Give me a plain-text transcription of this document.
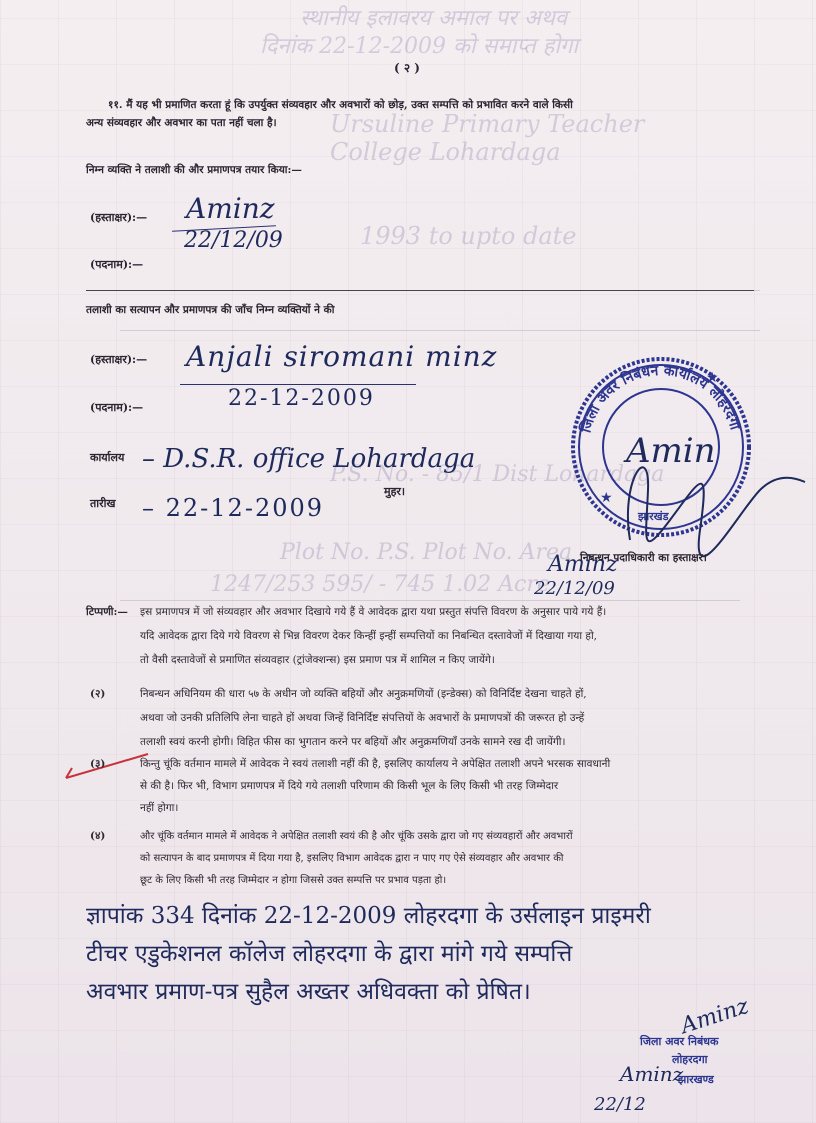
स्थानीय इलावरय अमाल पर अथव
दिनांक 22-12-2009 को समाप्त होगा
Ursuline Primary Teacher
College Lohardaga
1993 to upto date
P.S. No. - 85/1 Dist Lohardaga
Plot No. P.S. Plot No. Area
1247/253 595/ - 745 1.02 Acre
( २ )
११. मैं यह भी प्रमाणित करता हूं कि उपर्युक्त संव्यवहार और अवभारों को छोड़, उक्त सम्पत्ति को प्रभावित करने वाले किसी
अन्य संव्यवहार और अवभार का पता नहीं चला है।
निम्न व्यक्ति ने तलाशी की और प्रमाणपत्र तयार किया:—
(हस्ताक्षर):— Aminz
22/12/09
(पदनाम):—
तलाशी का सत्यापन और प्रमाणपत्र की जाँच निम्न व्यक्तियों ने की
(हस्ताक्षर):— Anjali siromani minz
22-12-2009
(पदनाम):—
कार्यालय – D.S.R. office Lohardaga
तारीख – 22-12-2009
मुहर।
जिला अवर निबंधन कार्यालय लोहरदगा
झारखंड
Amin
★
★
निबन्धन पदाधिकारी का हस्ताक्षर।
Aminz
22/12/09
टिप्पणी:— इस प्रमाणपत्र में जो संव्यवहार और अवभार दिखाये गये हैं वे आवेदक द्वारा यथा प्रस्तुत संपत्ति विवरण के अनुसार पाये गये हैं।
यदि आवेदक द्वारा दिये गये विवरण से भिन्न विवरण देकर किन्हीं इन्हीं सम्पत्तियों का निबन्धित दस्तावेजों में दिखाया गया हो,
तो वैसी दस्तावेजों से प्रमाणित संव्यवहार (ट्रांजेक्शन्स) इस प्रमाण पत्र में शामिल न किए जायेंगे।
(२)	निबन्धन अधिनियम की धारा ५७ के अधीन जो व्यक्ति बहियों और अनुक्रमणियों (इन्डेक्स) को विनिर्दिष्ट देखना चाहते हों,
अथवा जो उनकी प्रतिलिपि लेना चाहते हों अथवा जिन्हें विनिर्दिष्ट संपत्तियों के अवभारों के प्रमाणपत्रों की जरूरत हो उन्हें
तलाशी स्वयं करनी होगी। विहित फीस का भुगतान करने पर बहियों और अनुक्रमणियाँ उनके सामने रख दी जायेंगी।
(३)	किन्तु चूंकि वर्तमान मामले में आवेदक ने स्वयं तलाशी नहीं की है, इसलिए कार्यालय ने अपेक्षित तलाशी अपने भरसक सावधानी
से की है। फिर भी, विभाग प्रमाणपत्र में दिये गये तलाशी परिणाम की किसी भूल के लिए किसी भी तरह जिम्मेदार
नहीं होगा।
(४)	और चूंकि वर्तमान मामले में आवेदक ने अपेक्षित तलाशी स्वयं की है और चूंकि उसके द्वारा जो गए संव्यवहारों और अवभारों
को सत्यापन के बाद प्रमाणपत्र में दिया गया है, इसलिए विभाग आवेदक द्वारा न पाए गए ऐसे संव्यवहार और अवभार की
छूट के लिए किसी भी तरह जिम्मेदार न होगा जिससे उक्त सम्पत्ति पर प्रभाव पड़ता हो।
ज्ञापांक 334 दिनांक 22-12-2009 लोहरदगा के उर्सलाइन प्राइमरी
टीचर एडुकेशनल कॉलेज लोहरदगा के द्वारा मांगे गये सम्पत्ति
अवभार प्रमाण-पत्र सुहैल अख्तर अधिवक्ता को प्रेषित।
Aminz
जिला अवर निबंधक
लोहरदगा
झारखण्ड
Aminz
22/12
